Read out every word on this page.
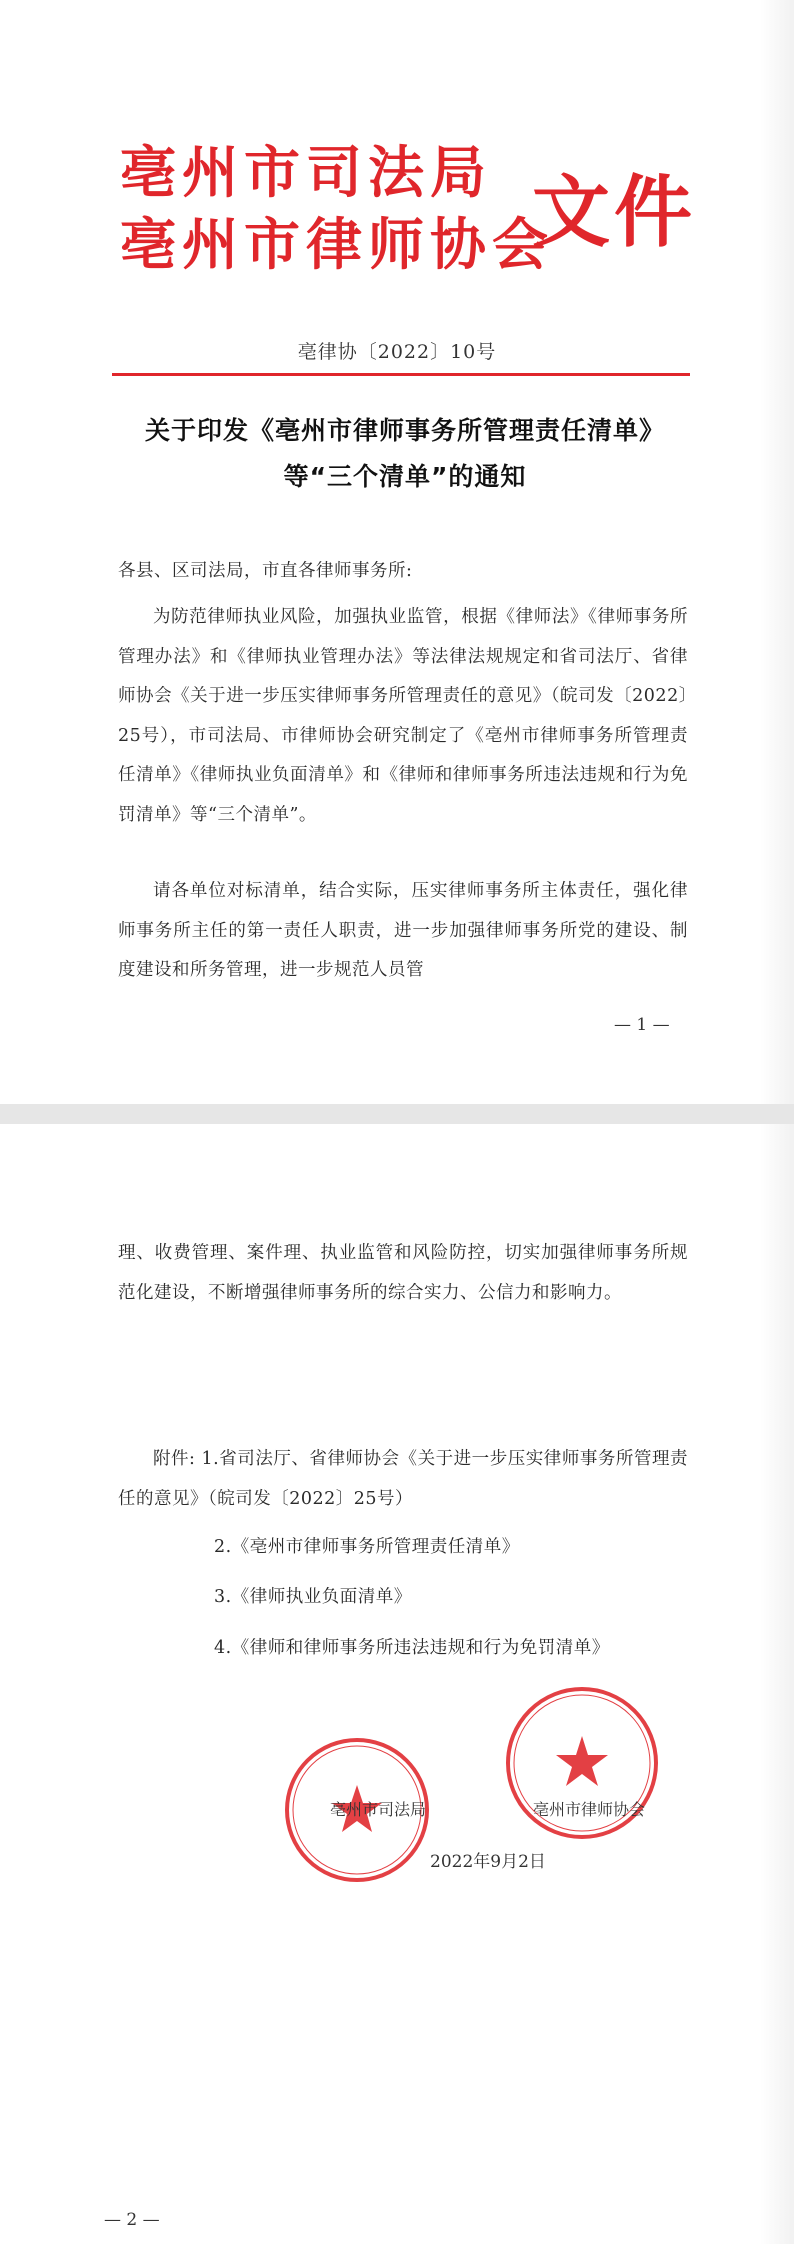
亳州市司法局
亳州市律师协会
文件
亳律协〔2022〕10号
关于印发《亳州市律师事务所管理责任清单》等“三个清单”的通知
各县、区司法局，市直各律师事务所:
为防范律师执业风险，加强执业监管，根据《律师法》《律师事务所管理办法》和《律师执业管理办法》等法律法规规定和省司法厅、省律师协会《关于进一步压实律师事务所管理责任的意见》（皖司发〔2022〕25号），市司法局、市律师协会研究制定了《亳州市律师事务所管理责任清单》《律师执业负面清单》和《律师和律师事务所违法违规和行为免罚清单》等“三个清单”。
请各单位对标清单，结合实际，压实律师事务所主体责任，强化律师事务所主任的第一责任人职责，进一步加强律师事务所党的建设、制度建设和所务管理，进一步规范人员管
— 1 —
理、收费管理、案件理、执业监管和风险防控，切实加强律师事务所规范化建设，不断增强律师事务所的综合实力、公信力和影响力。
附件: 1.省司法厅、省律师协会《关于进一步压实律师事务所管理责任的意见》（皖司发〔2022〕25号）
2.《亳州市律师事务所管理责任清单》
3.《律师执业负面清单》
4.《律师和律师事务所违法违规和行为免罚清单》
亳州市司法局	亳州市律师协会
2022年9月2日
— 2 —
